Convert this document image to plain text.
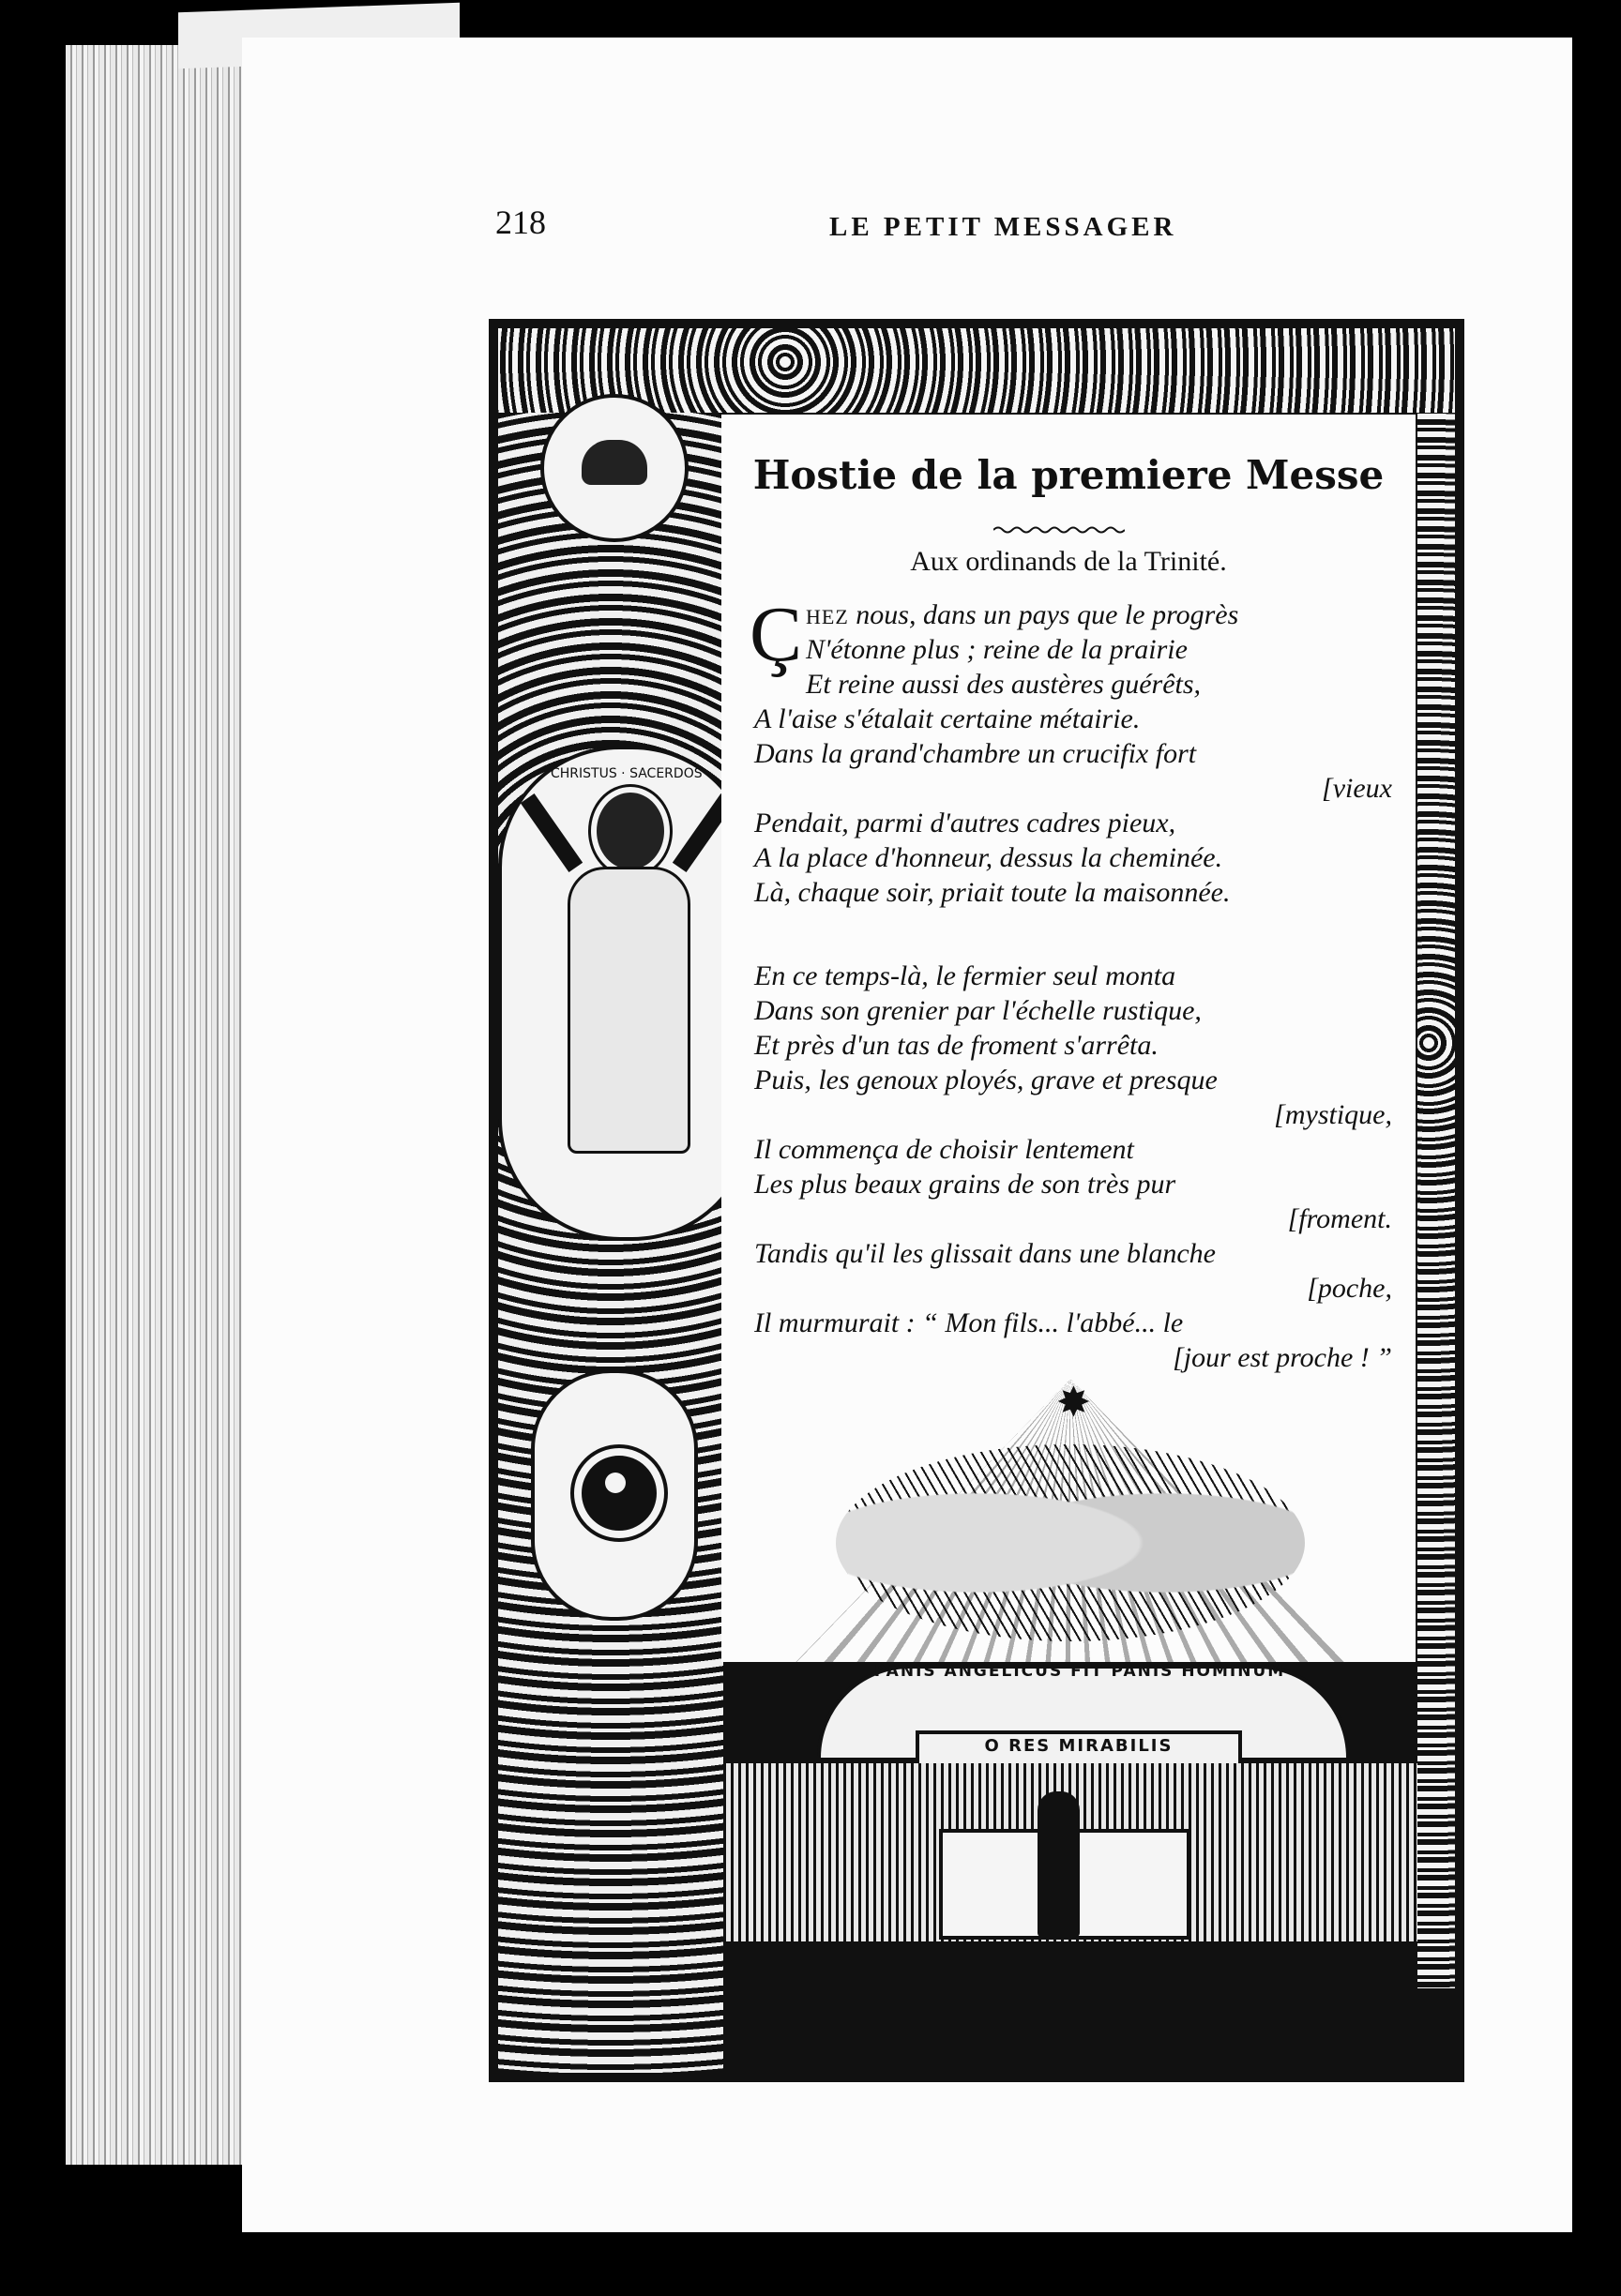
218	LE PETIT MESSAGER
CHRISTUS · SACERDOS
Hostie de la premiere Messe
Aux ordinands de la Trinité.
Ç HEZ nous, dans un pays que le progrès
N'étonne plus ; reine de la prairie
Et reine aussi des austères guérêts,
A l'aise s'étalait certaine métairie.
Dans la grand'chambre un crucifix fort
[vieux
Pendait, parmi d'autres cadres pieux,
A la place d'honneur, dessus la cheminée.
Là, chaque soir, priait toute la maisonnée.
En ce temps-là, le fermier seul monta
Dans son grenier par l'échelle rustique,
Et près d'un tas de froment s'arrêta.
Puis, les genoux ployés, grave et presque
[mystique,
Il commença de choisir lentement
Les plus beaux grains de son très pur
[froment.
Tandis qu'il les glissait dans une blanche
[poche,
Il murmurait : “ Mon fils... l'abbé... le
[jour est proche ! ”
✸
PANIS ANGELICUS FIT PANIS HOMINUM
O RES MIRABILIS
